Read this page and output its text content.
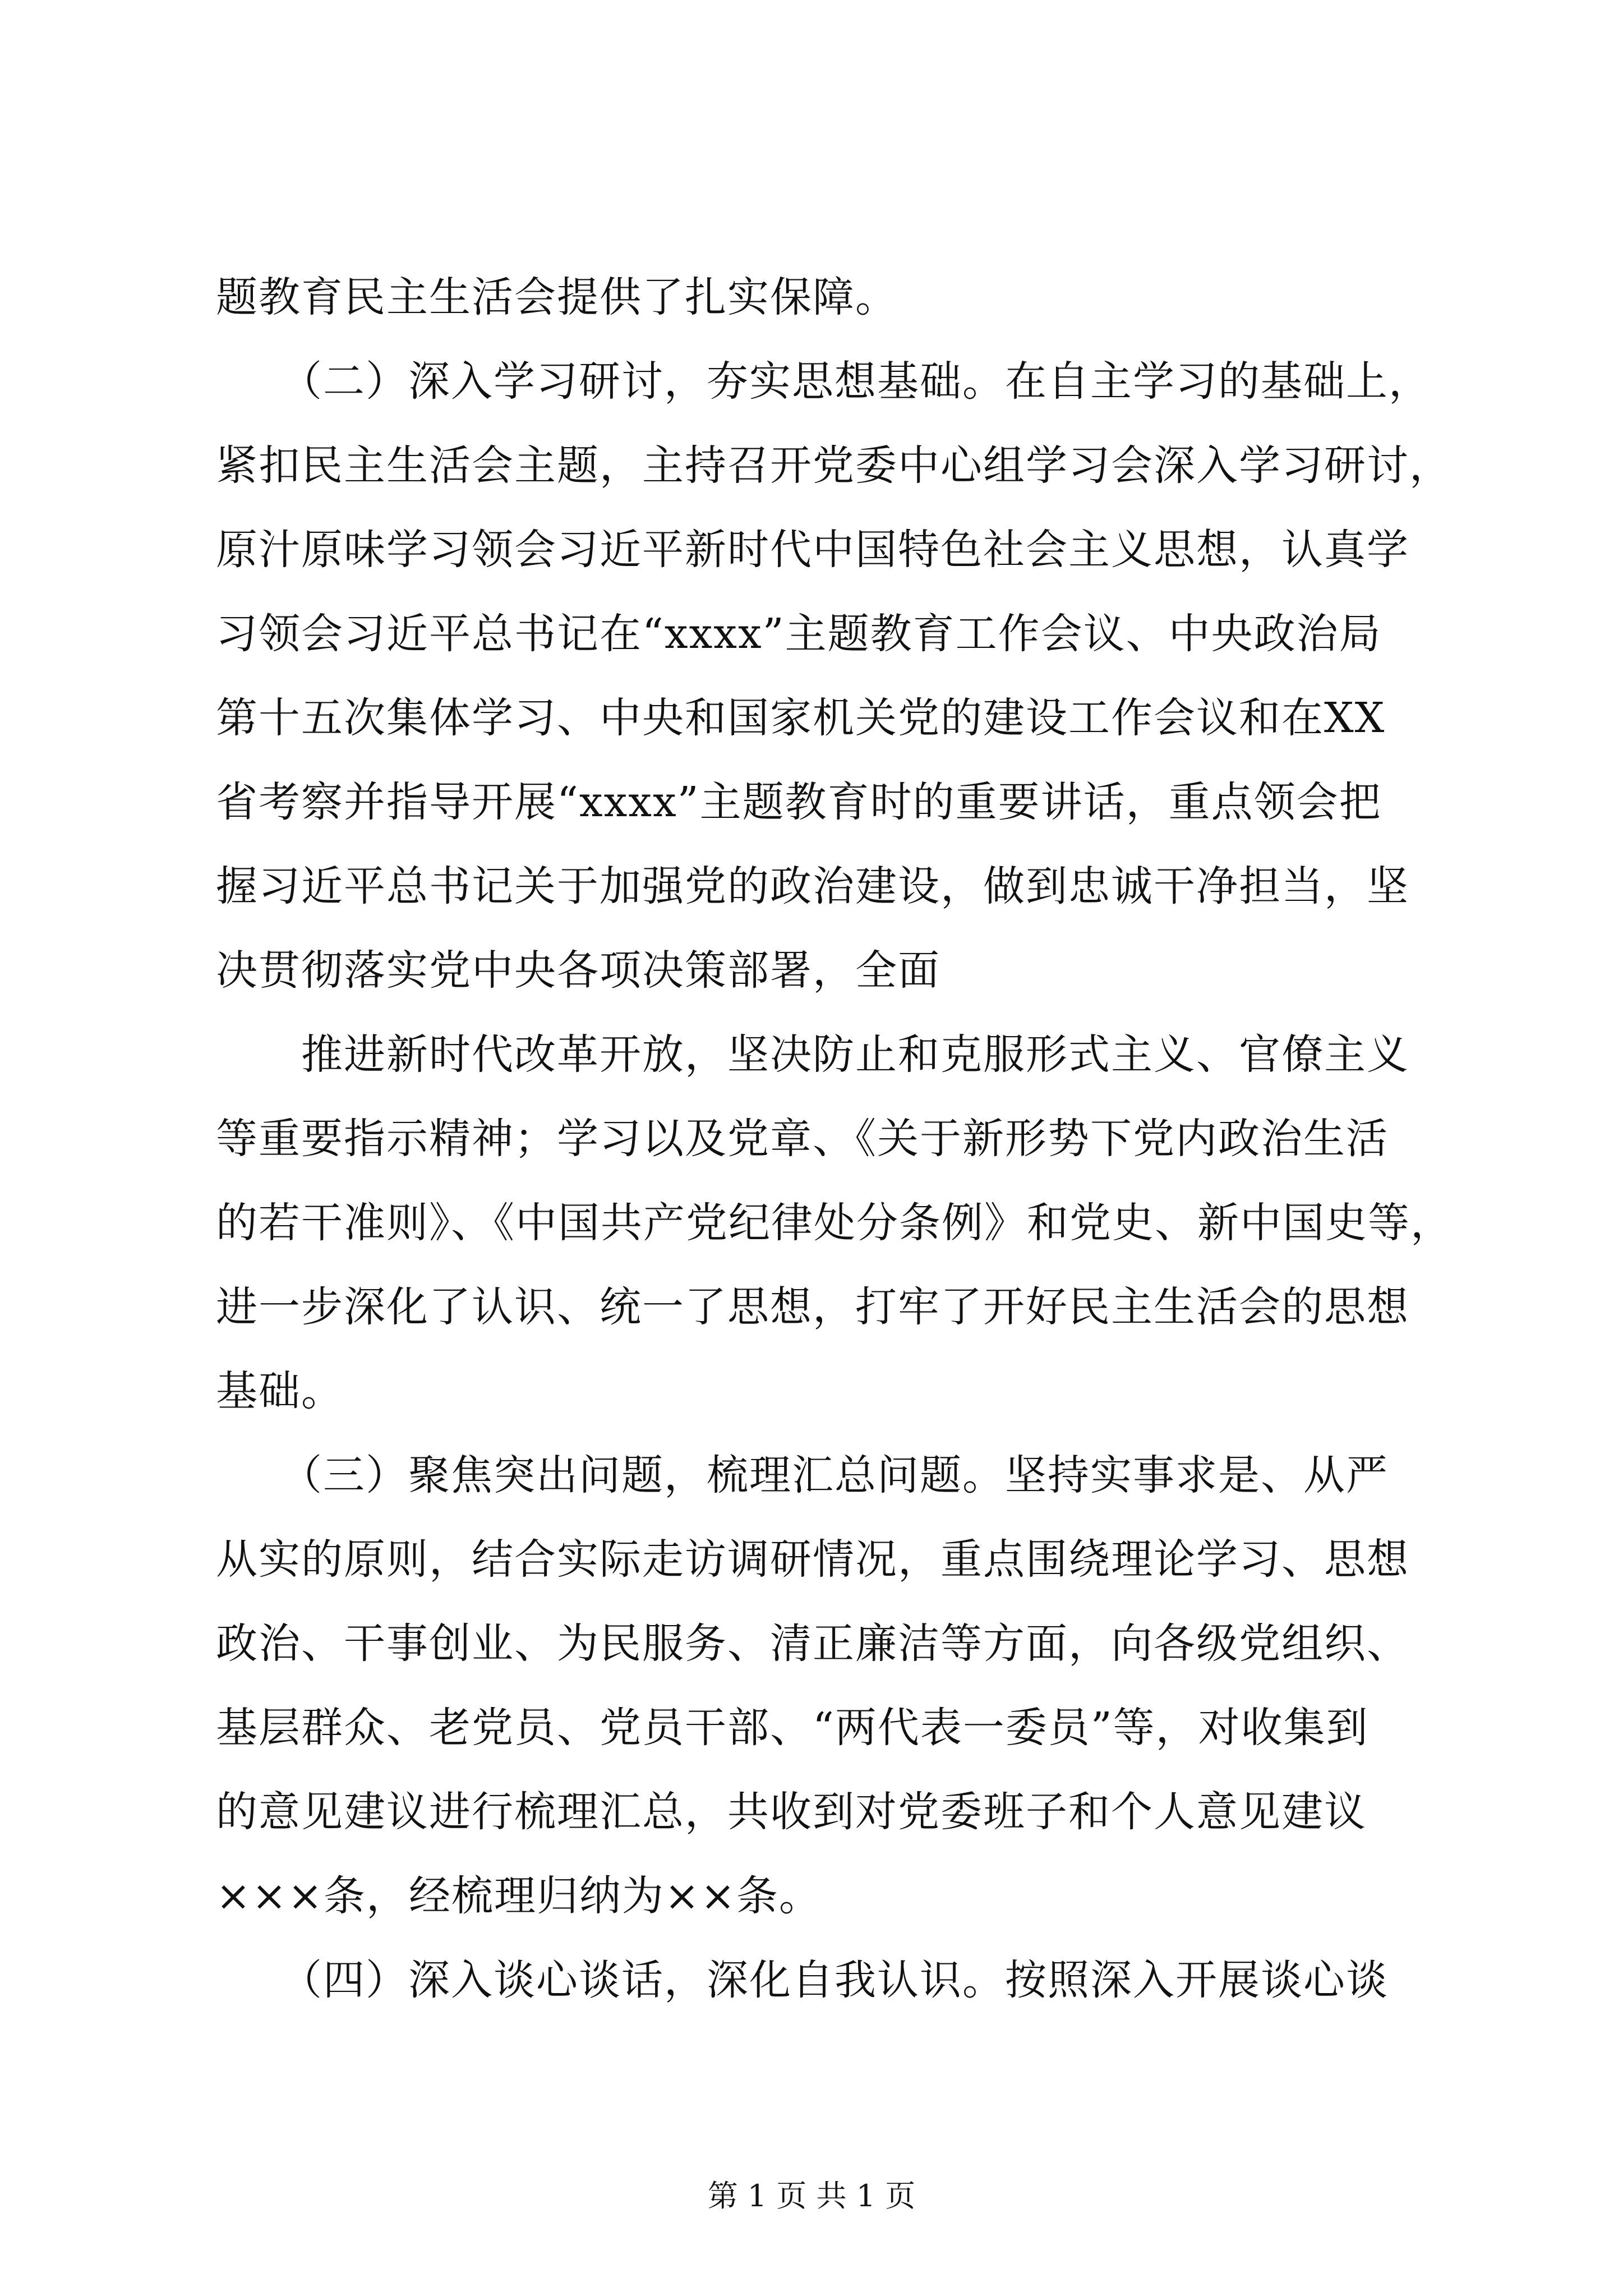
题教育民主生活会提供了扎实保障。
　　（二）深入学习研讨，夯实思想基础。在自主学习的基础上，
紧扣民主生活会主题，主持召开党委中心组学习会深入学习研讨，
原汁原味学习领会习近平新时代中国特色社会主义思想，认真学
习领会习近平总书记在“xxxx”主题教育工作会议、中央政治局
第十五次集体学习、中央和国家机关党的建设工作会议和在XX
省考察并指导开展“xxxx”主题教育时的重要讲话，重点领会把
握习近平总书记关于加强党的政治建设，做到忠诚干净担当，坚
决贯彻落实党中央各项决策部署，全面
　　推进新时代改革开放，坚决防止和克服形式主义、官僚主义
等重要指示精神；学习以及党章、《关于新形势下党内政治生活
的若干准则》、《中国共产党纪律处分条例》和党史、新中国史等，
进一步深化了认识、统一了思想，打牢了开好民主生活会的思想
基础。
　　（三）聚焦突出问题，梳理汇总问题。坚持实事求是、从严
从实的原则，结合实际走访调研情况，重点围绕理论学习、思想
政治、干事创业、为民服务、清正廉洁等方面，向各级党组织、
基层群众、老党员、党员干部、“两代表一委员”等，对收集到
的意见建议进行梳理汇总，共收到对党委班子和个人意见建议
×××条，经梳理归纳为××条。
　　（四）深入谈心谈话，深化自我认识。按照深入开展谈心谈
第 1 页 共 1 页
